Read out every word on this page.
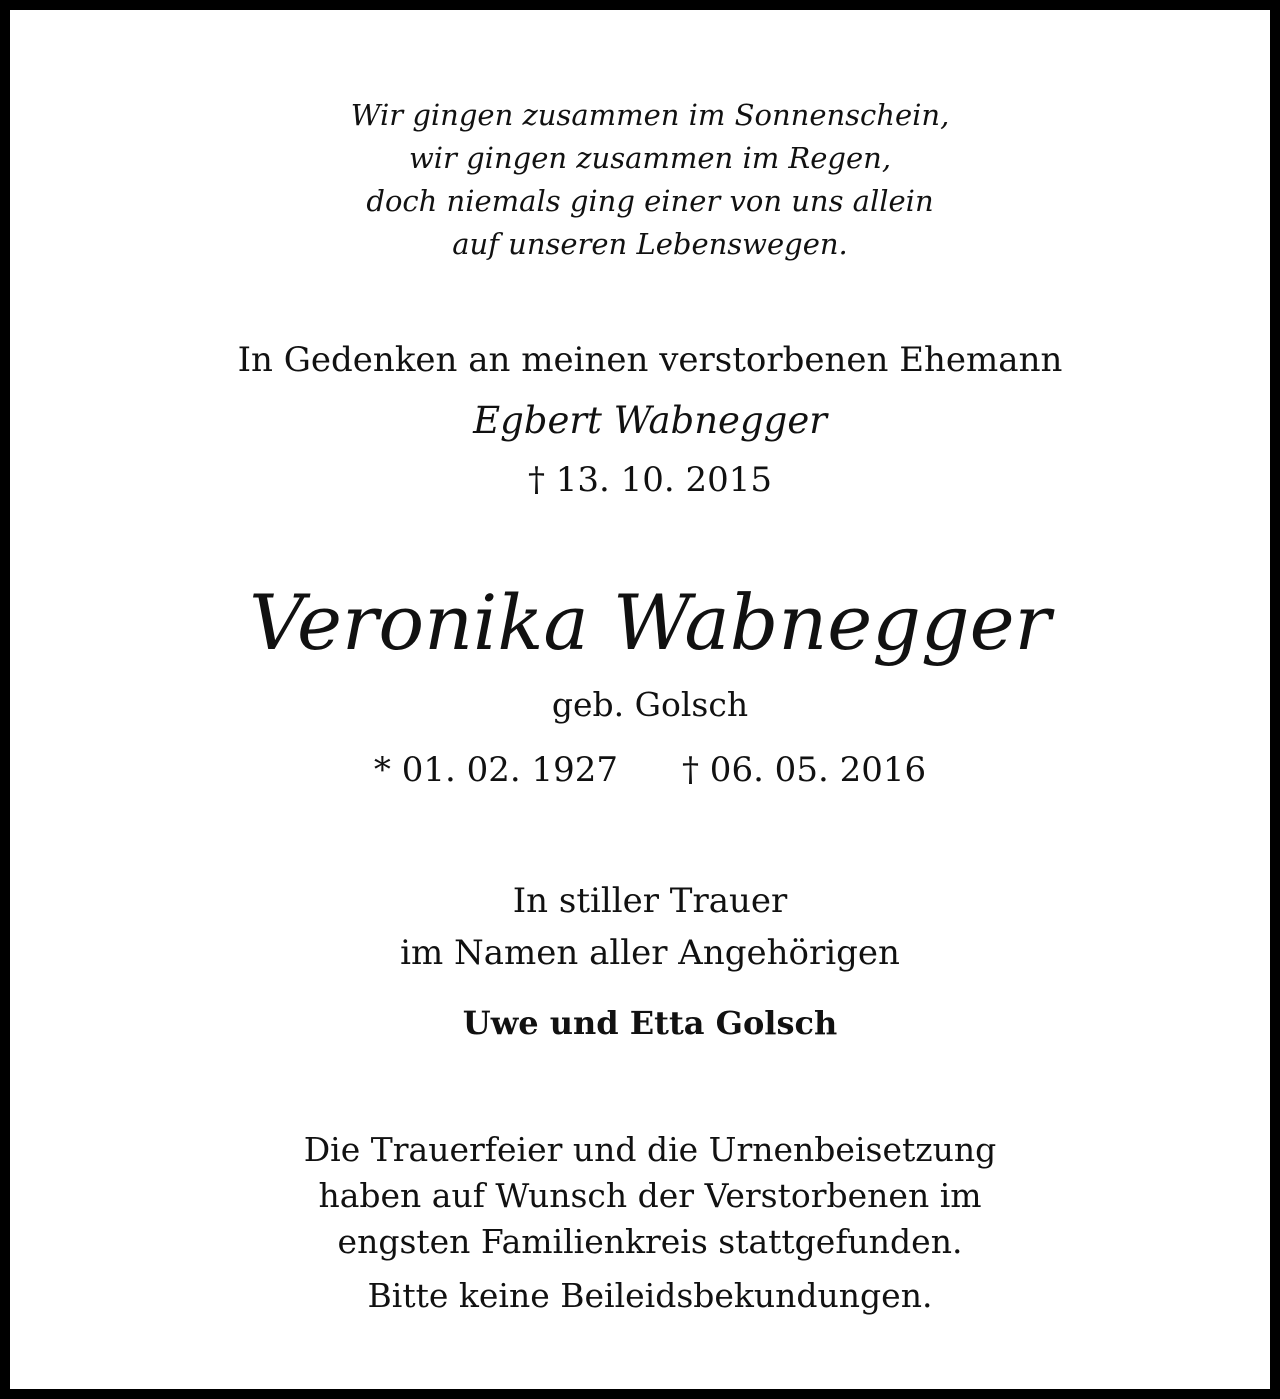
Wir gingen zusammen im Sonnenschein,
wir gingen zusammen im Regen,
doch niemals ging einer von uns allein
auf unseren Lebenswegen.
In Gedenken an meinen verstorbenen Ehemann
Egbert Wabnegger
† 13. 10. 2015
Veronika Wabnegger
geb. Golsch
* 01. 02. 1927 † 06. 05. 2016
In stiller Trauer
im Namen aller Angehörigen
Uwe und Etta Golsch
Die Trauerfeier und die Urnenbeisetzung
haben auf Wunsch der Verstorbenen im
engsten Familienkreis stattgefunden.
Bitte keine Beileidsbekundungen.
